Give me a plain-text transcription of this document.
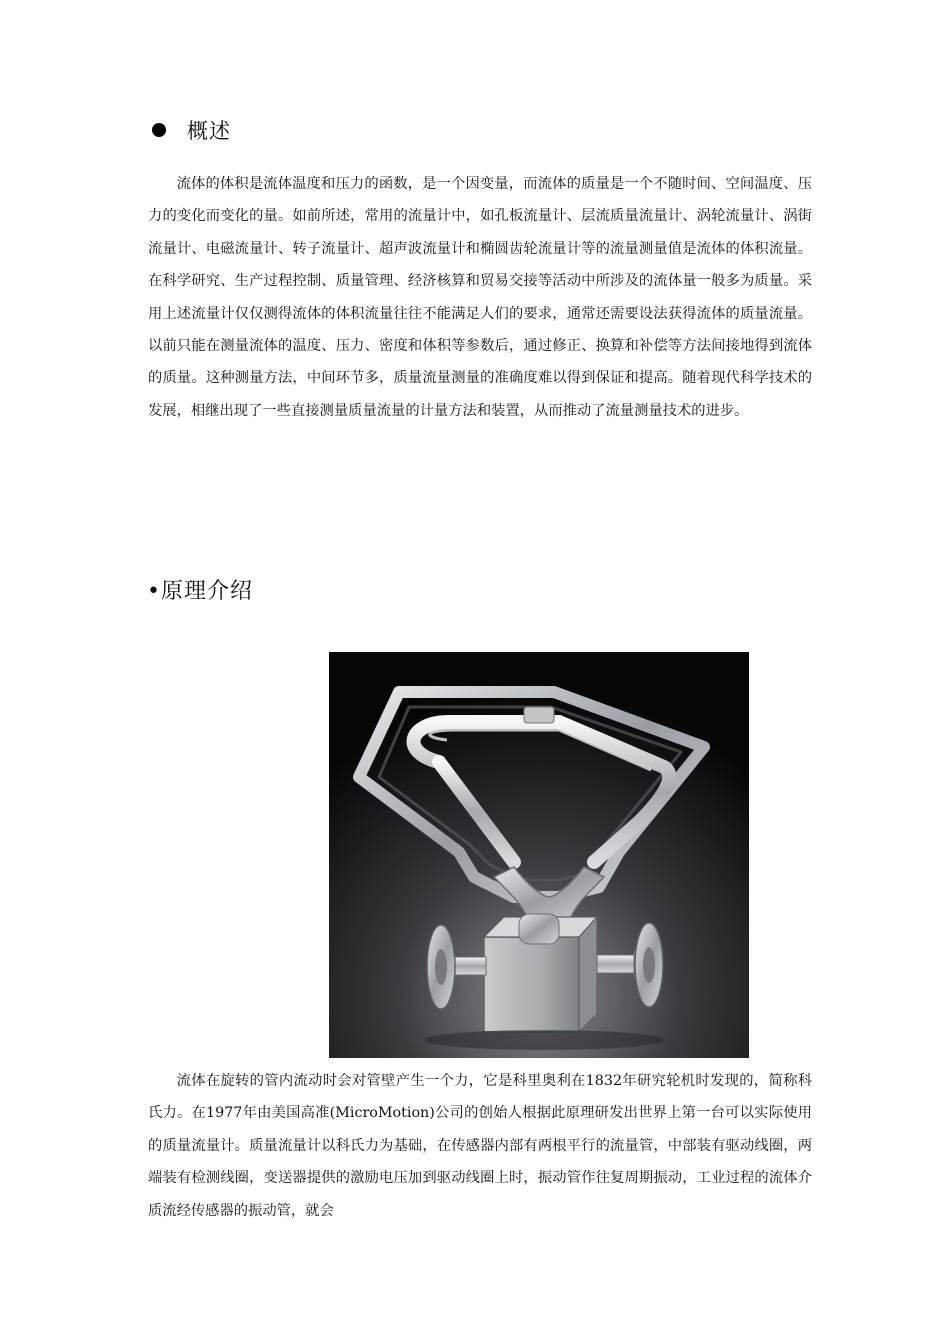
概述

流体的体积是流体温度和压力的函数，是一个因变量，而流体的质量是一个不随时间、空间温度、压力的变化而变化的量。如前所述，常用的流量计中，如孔板流量计、层流质量流量计、涡轮流量计、涡街流量计、电磁流量计、转子流量计、超声波流量计和椭圆齿轮流量计等的流量测量值是流体的体积流量。在科学研究、生产过程控制、质量管理、经济核算和贸易交接等活动中所涉及的流体量一般多为质量。采用上述流量计仅仅测得流体的体积流量往往不能满足人们的要求，通常还需要设法获得流体的质量流量。以前只能在测量流体的温度、压力、密度和体积等参数后，通过修正、换算和补偿等方法间接地得到流体的质量。这种测量方法，中间环节多，质量流量测量的准确度难以得到保证和提高。随着现代科学技术的发展，相继出现了一些直接测量质量流量的计量方法和装置，从而推动了流量测量技术的进步。

•原理介绍

流体在旋转的管内流动时会对管壁产生一个力，它是科里奥利在1832年研究轮机时发现的，简称科氏力。在1977年由美国高准(MicroMotion)公司的创始人根据此原理研发出世界上第一台可以实际使用的质量流量计。质量流量计以科氏力为基础，在传感器内部有两根平行的流量管，中部装有驱动线圈，两端装有检测线圈，变送器提供的激励电压加到驱动线圈上时，振动管作往复周期振动，工业过程的流体介质流经传感器的振动管，就会
